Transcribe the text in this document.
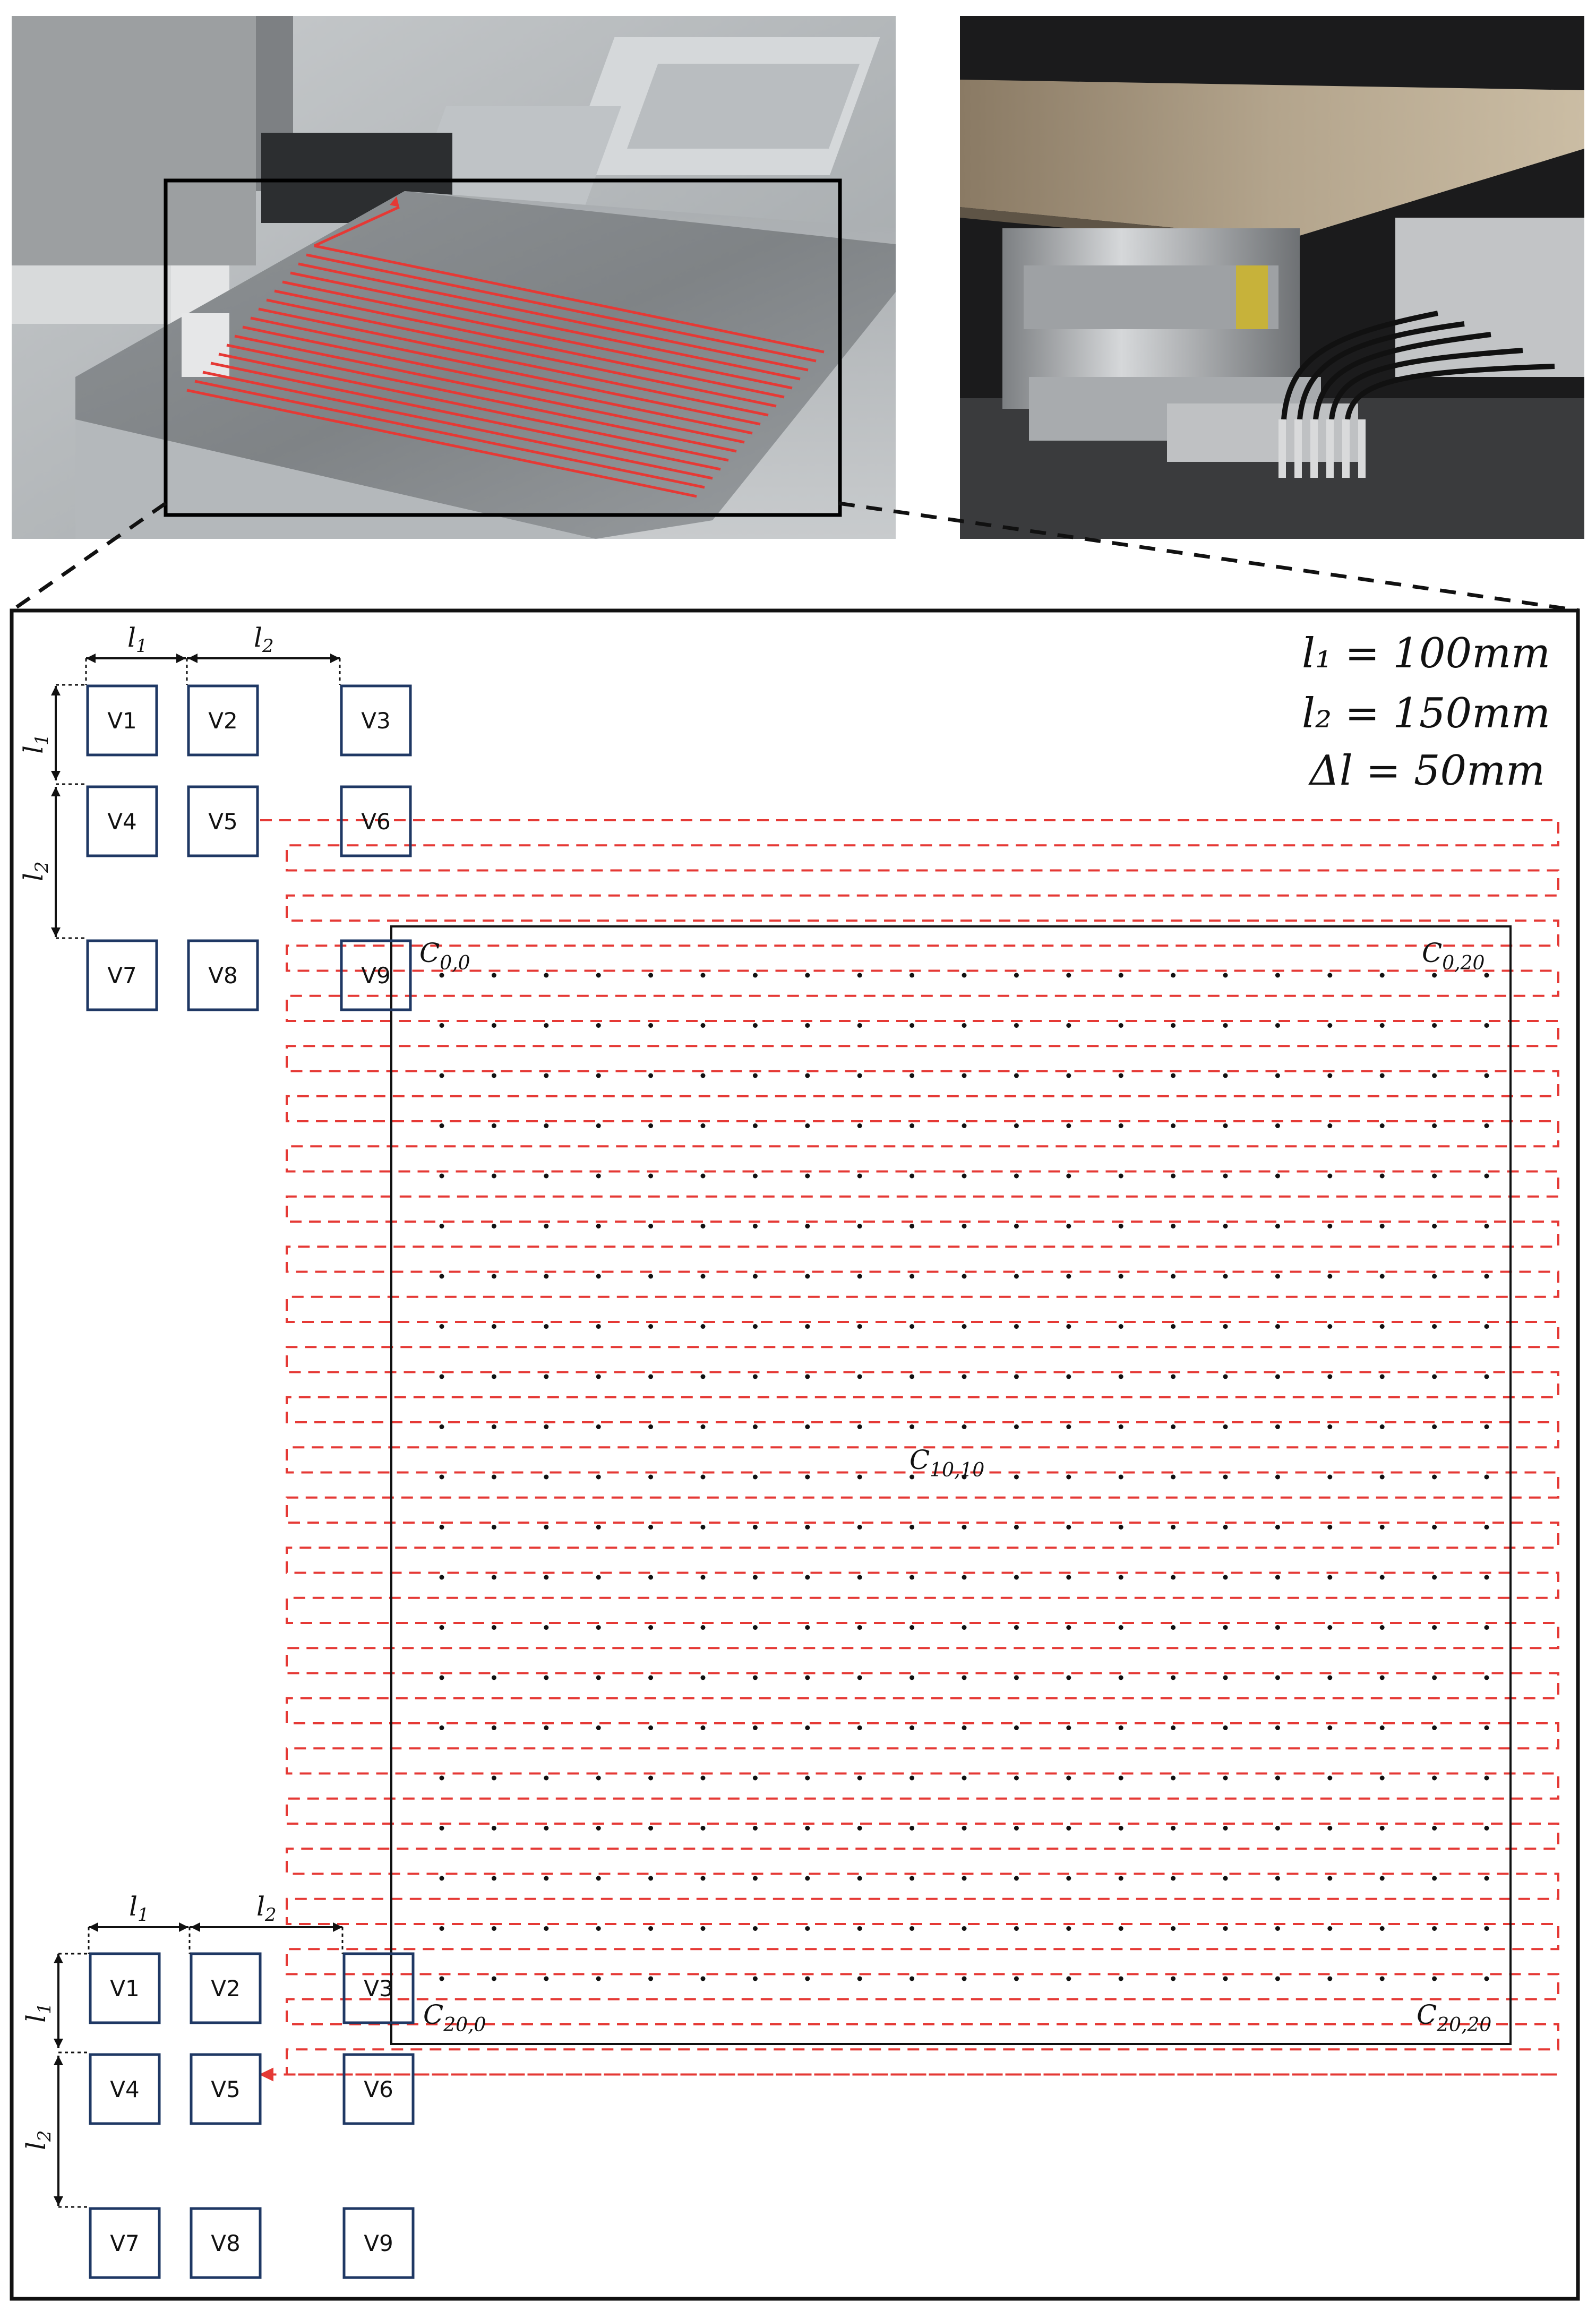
l₁ = 100mm
l₂ = 150mm
Δl = 50mm
$C_{0,0}$	$C_{0,20}$
$C_{10,10}$
$C_{20,0}$	$C_{20,20}$
V1	V2	V3
V4	V5	V6
V7	V8	V9
V1	V2	V3
V4	V5	V6
V7	V8	V9
$l_1$	$l_2$
$l_1$
$l_2$
$l_1$	$l_2$
$l_1$
$l_2$
